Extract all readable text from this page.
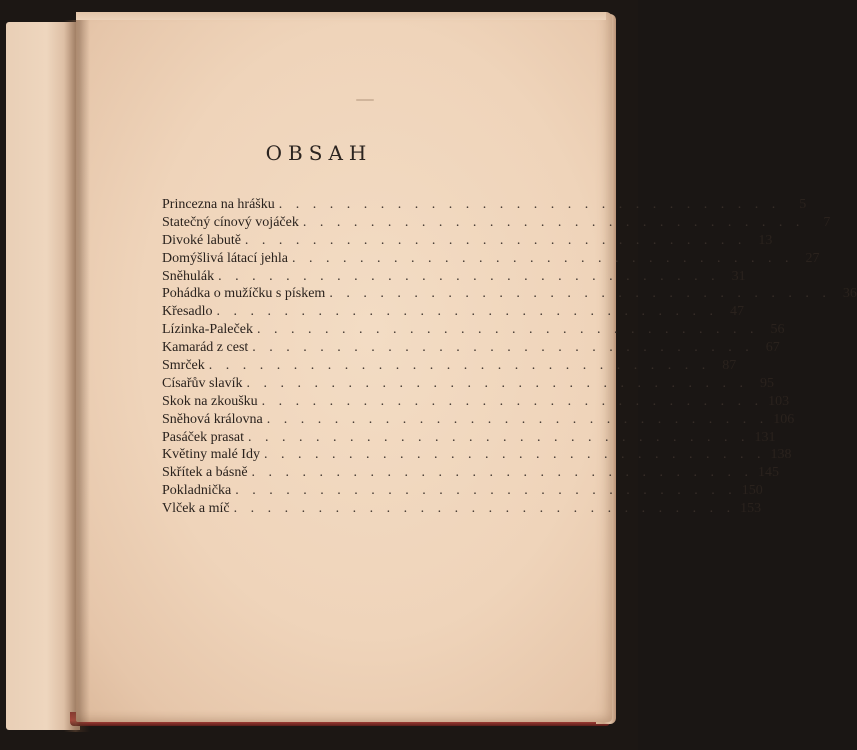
OBSAH
Princezna na hrášku . . . . . . . . . . . . . . . . . . . . . . . . . . . . . .	5
Statečný cínový vojáček . . . . . . . . . . . . . . . . . . . . . . . . . . . . . .	7
Divoké labutě . . . . . . . . . . . . . . . . . . . . . . . . . . . . . . 13
Domýšlivá látací jehla . . . . . . . . . . . . . . . . . . . . . . . . . . . . . . 27
Sněhulák . . . . . . . . . . . . . . . . . . . . . . . . . . . . . . 31
Pohádka o mužíčku s pískem . . . . . . . . . . . . . . . . . . . . . . . . . . . . . . 36
Křesadlo . . . . . . . . . . . . . . . . . . . . . . . . . . . . . . 47
Lízinka-Paleček . . . . . . . . . . . . . . . . . . . . . . . . . . . . . . 56
Kamarád z cest . . . . . . . . . . . . . . . . . . . . . . . . . . . . . . 67
Smrček . . . . . . . . . . . . . . . . . . . . . . . . . . . . . . 87
Císařův slavík . . . . . . . . . . . . . . . . . . . . . . . . . . . . . . 95
Skok na zkoušku . . . . . . . . . . . . . . . . . . . . . . . . . . . . . . 103
Sněhová královna . . . . . . . . . . . . . . . . . . . . . . . . . . . . . . 106
Pasáček prasat . . . . . . . . . . . . . . . . . . . . . . . . . . . . . . 131
Květiny malé Idy . . . . . . . . . . . . . . . . . . . . . . . . . . . . . . 138
Skřítek a básně . . . . . . . . . . . . . . . . . . . . . . . . . . . . . . 145
Pokladnička . . . . . . . . . . . . . . . . . . . . . . . . . . . . . . 150
Vlček a míč . . . . . . . . . . . . . . . . . . . . . . . . . . . . . . 153
